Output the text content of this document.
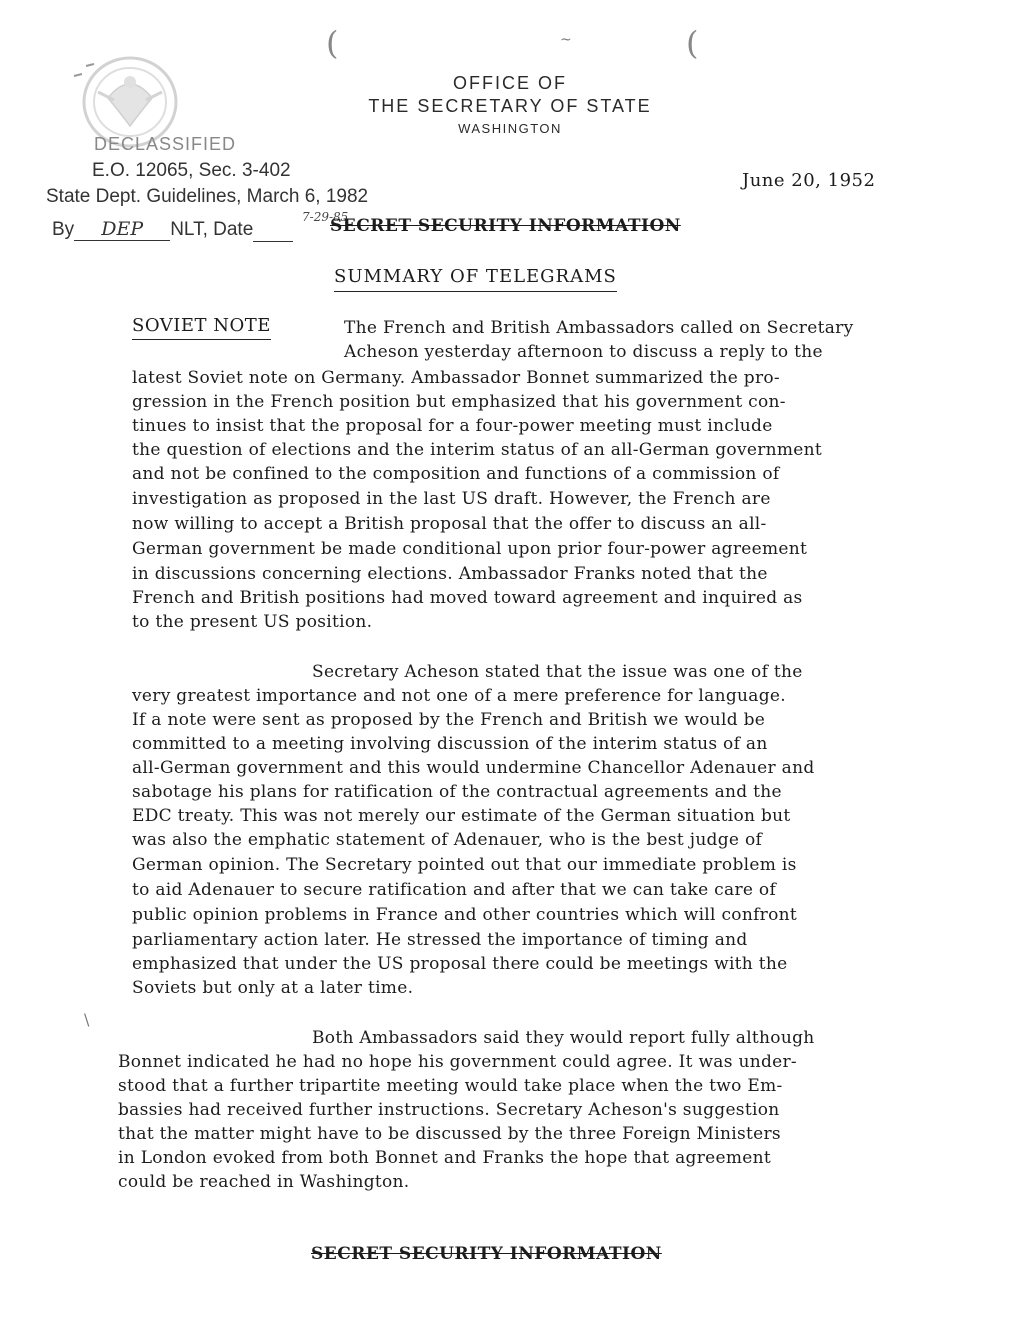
(	(
~
OFFICE OF
THE SECRETARY OF STATE
WASHINGTON
DECLASSIFIED
E.O. 12065, Sec. 3-402
State Dept. Guidelines, March 6, 1982
By DEP NLT, Date
7-29-85
June 20, 1952
SECRET SECURITY INFORMATION
SUMMARY OF TELEGRAMS
SOVIET NOTE	The French and British Ambassadors called on Secretary
Acheson yesterday afternoon to discuss a reply to the
latest Soviet note on Germany. Ambassador Bonnet summarized the pro-
gression in the French position but emphasized that his government con-
tinues to insist that the proposal for a four-power meeting must include
the question of elections and the interim status of an all-German government
and not be confined to the composition and functions of a commission of
investigation as proposed in the last US draft. However, the French are
now willing to accept a British proposal that the offer to discuss an all-
German government be made conditional upon prior four-power agreement
in discussions concerning elections. Ambassador Franks noted that the
French and British positions had moved toward agreement and inquired as
to the present US position.
Secretary Acheson stated that the issue was one of the
very greatest importance and not one of a mere preference for language.
If a note were sent as proposed by the French and British we would be
committed to a meeting involving discussion of the interim status of an
all-German government and this would undermine Chancellor Adenauer and
sabotage his plans for ratification of the contractual agreements and the
EDC treaty. This was not merely our estimate of the German situation but
was also the emphatic statement of Adenauer, who is the best judge of
German opinion. The Secretary pointed out that our immediate problem is
to aid Adenauer to secure ratification and after that we can take care of
public opinion problems in France and other countries which will confront
parliamentary action later. He stressed the importance of timing and
emphasized that under the US proposal there could be meetings with the
Soviets but only at a later time.
Both Ambassadors said they would report fully although
Bonnet indicated he had no hope his government could agree. It was under-
stood that a further tripartite meeting would take place when the two Em-
bassies had received further instructions. Secretary Acheson's suggestion
that the matter might have to be discussed by the three Foreign Ministers
in London evoked from both Bonnet and Franks the hope that agreement
could be reached in Washington.
\
SECRET SECURITY INFORMATION
